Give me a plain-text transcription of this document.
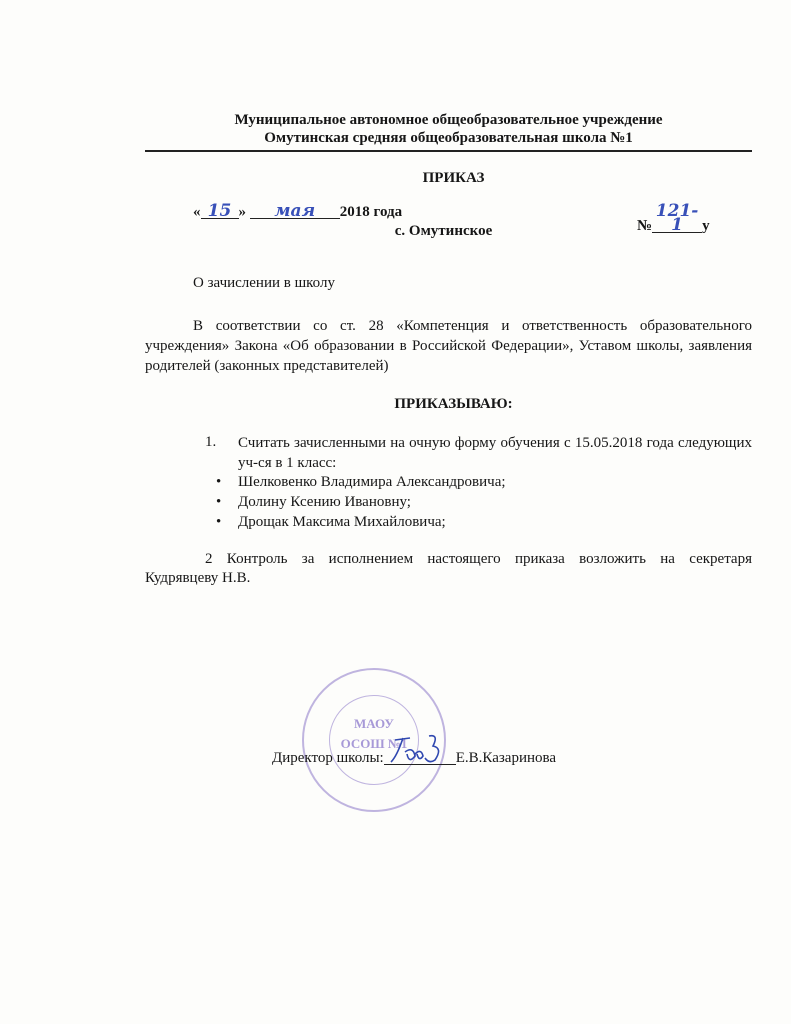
Муниципальное автономное общеобразовательное учреждение
Омутинская средняя общеобразовательная школа №1
ПРИКАЗ
« 15 » мая 2018 года
№121-1 у
с. Омутинское
О зачислении в школу
В соответствии со ст. 28 «Компетенция и ответственность образовательного учреждения» Закона «Об образовании в Российской Федерации», Уставом школы, заявления родителей (законных представителей)
ПРИКАЗЫВАЮ:
1. Считать зачисленными на очную форму обучения с 15.05.2018 года следующих уч-ся в 1 класс:
• Шелковенко Владимира Александровича;
• Долину Ксению Ивановну;
• Дрощак Максима Михайловича;
2 Контроль за исполнением настоящего приказа возложить на секретаря
Кудрявцеву Н.В.
МАОУ
ОСОШ №1
Директор школы:	Е.В.Казаринова
